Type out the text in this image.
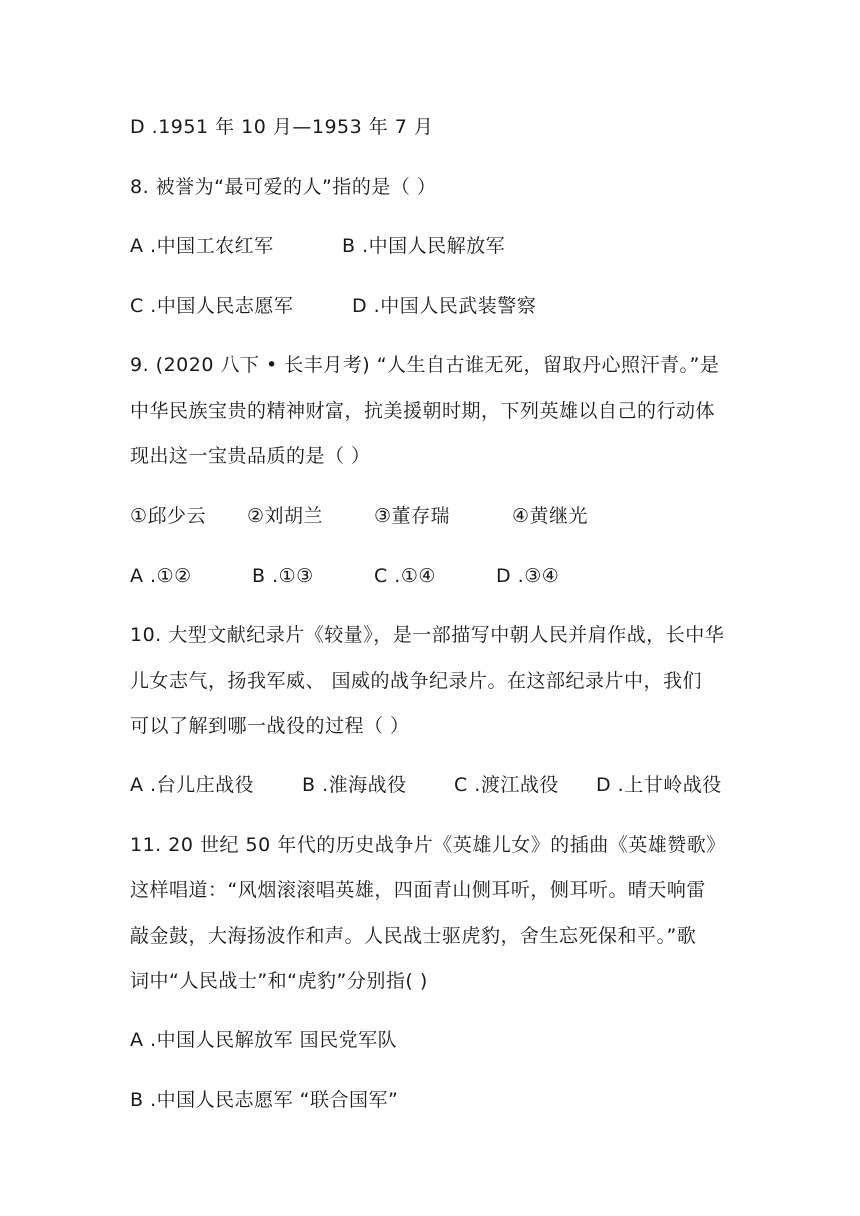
D .1951 年 10 月—1953 年 7 月
8. 被誉为“最可爱的人”指的是（ ）
A .中国工农红军	B .中国人民解放军
C .中国人民志愿军	D .中国人民武装警察
9. (2020 八下 • 长丰月考) “人生自古谁无死，留取丹心照汗青。”是
中华民族宝贵的精神财富，抗美援朝时期，下列英雄以自己的行动体
现出这一宝贵品质的是（ ）
①邱少云 ②刘胡兰	③董存瑞	④黄继光
A .①②	B .①③	C .①④	D .③④
10. 大型文献纪录片《较量》，是一部描写中朝人民并肩作战，长中华
儿女志气，扬我军威、 国威的战争纪录片。在这部纪录片中，我们
可以了解到哪一战役的过程（ ）
A .台儿庄战役	B .淮海战役 C .渡江战役 D .上甘岭战役
11. 20 世纪 50 年代的历史战争片《英雄儿女》的插曲《英雄赞歌》
这样唱道：“风烟滚滚唱英雄，四面青山侧耳听，侧耳听。晴天响雷
敲金鼓，大海扬波作和声。人民战士驱虎豹，舍生忘死保和平。”歌
词中“人民战士”和“虎豹”分别指( )
A .中国人民解放军 国民党军队
B .中国人民志愿军 “联合国军”
